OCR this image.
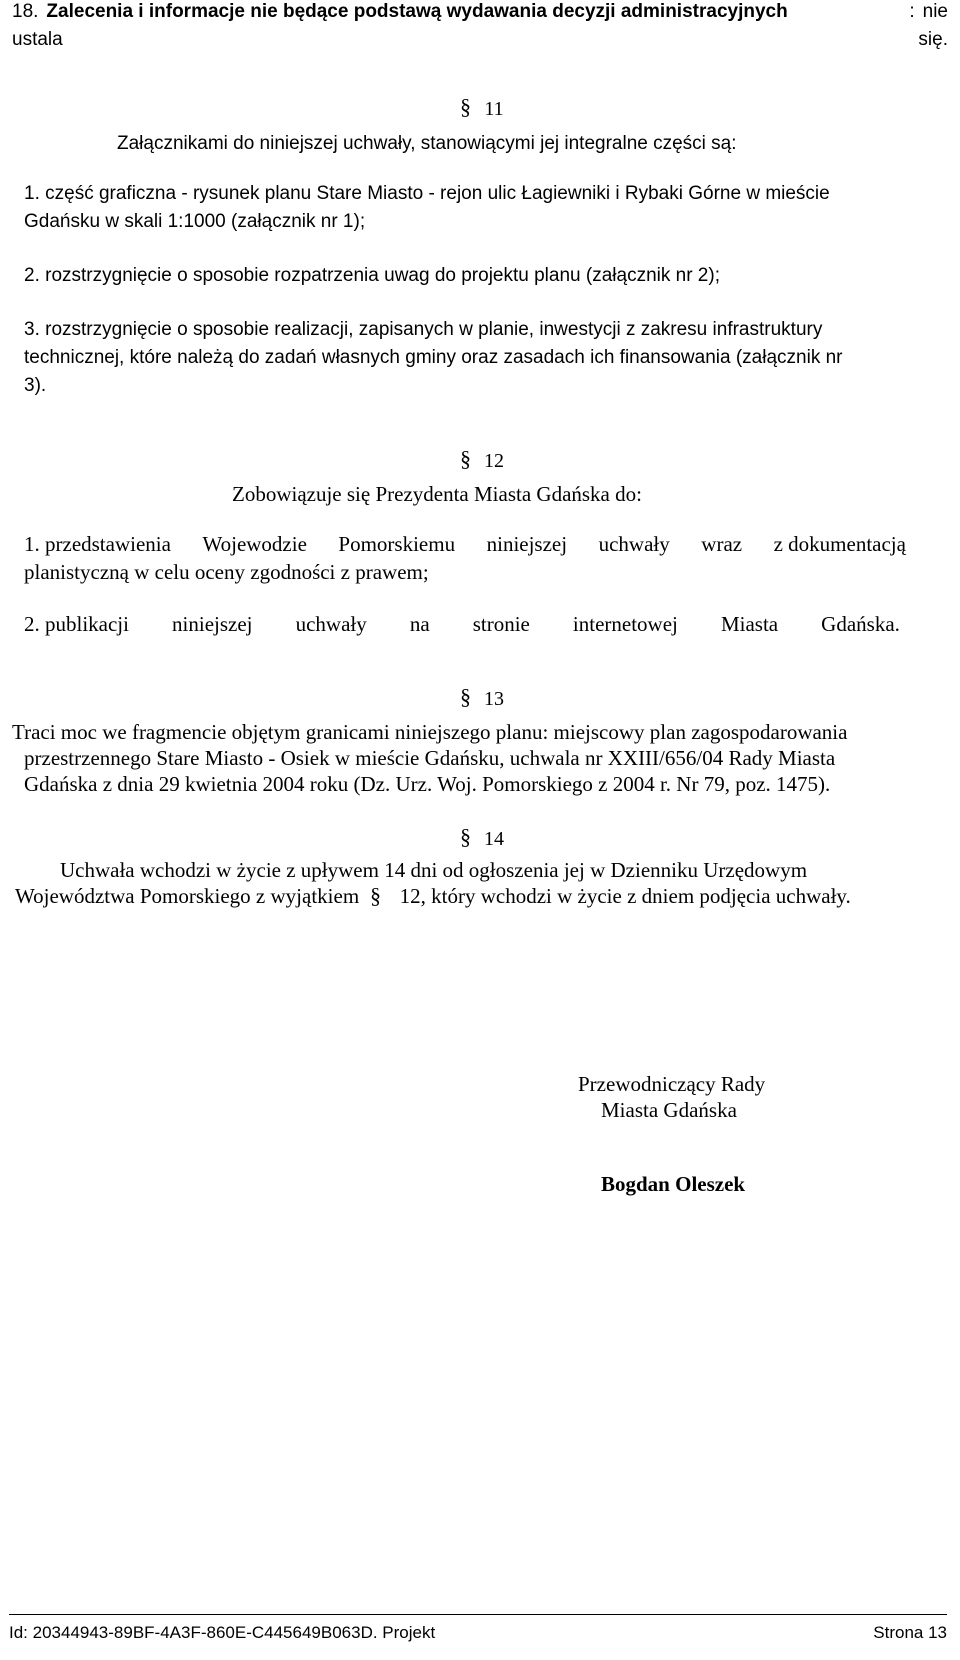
18. Zalecenia i informacje nie będące podstawą wydawania decyzji administracyjnych	: nie
ustala	się.
§ 11
Załącznikami do niniejszej uchwały, stanowiącymi jej integralne części są:
1. część graficzna - rysunek planu Stare Miasto - rejon ulic Łagiewniki i Rybaki Górne w mieście
Gdańsku w skali 1:1000 (załącznik nr 1);
2. rozstrzygnięcie o sposobie rozpatrzenia uwag do projektu planu (załącznik nr 2);
3. rozstrzygnięcie o sposobie realizacji, zapisanych w planie, inwestycji z zakresu infrastruktury
technicznej, które należą do zadań własnych gminy oraz zasadach ich finansowania (załącznik nr
3).
§ 12
Zobowiązuje się Prezydenta Miasta Gdańska do:
1. przedstawienia Wojewodzie Pomorskiemu niniejszej uchwały wraz z dokumentacją
planistyczną w celu oceny zgodności z prawem;
2. publikacji niniejszej uchwały na stronie internetowej Miasta Gdańska.
§ 13
Traci moc we fragmencie objętym granicami niniejszego planu: miejscowy plan zagospodarowania
przestrzennego Stare Miasto - Osiek w mieście Gdańsku, uchwala nr XXIII/656/04 Rady Miasta
Gdańska z dnia 29 kwietnia 2004 roku (Dz. Urz. Woj. Pomorskiego z 2004 r. Nr 79, poz. 1475).
§ 14
Uchwała wchodzi w życie z upływem 14 dni od ogłoszenia jej w Dzienniku Urzędowym
Województwa Pomorskiego z wyjątkiem § 12, który wchodzi w życie z dniem podjęcia uchwały.
Przewodniczący Rady
Miasta Gdańska
Bogdan Oleszek
Id: 20344943-89BF-4A3F-860E-C445649B063D. Projekt	Strona 13
